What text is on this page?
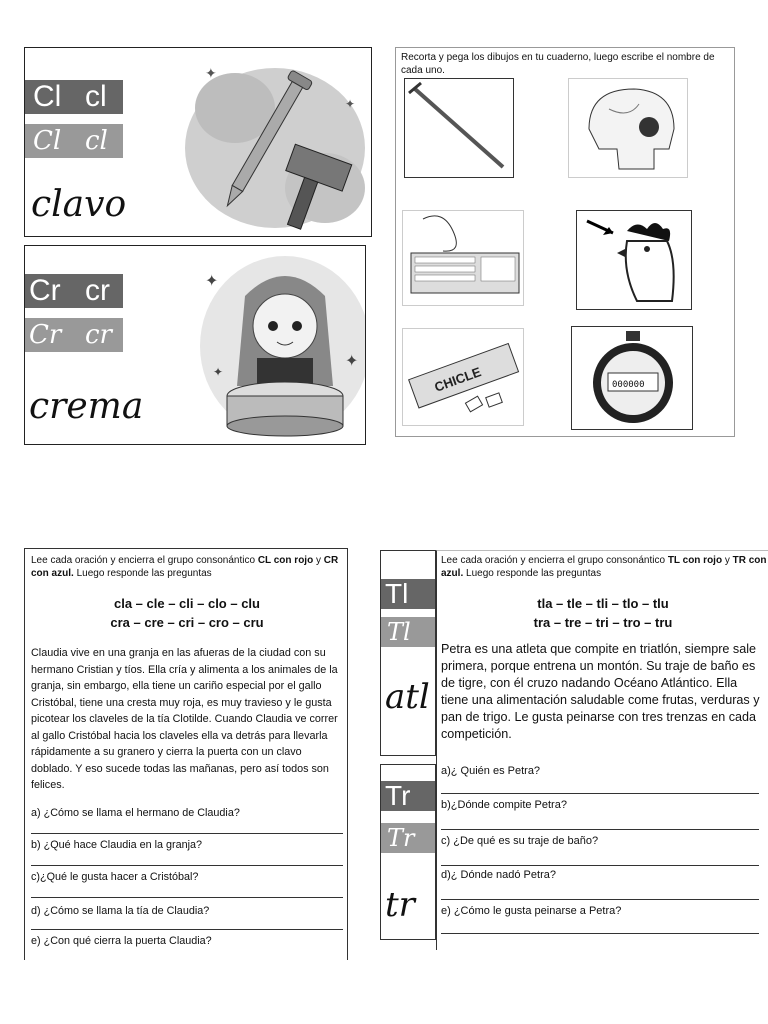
Cl cl
Cl cl
clavo
✦
✦
Cr cr
Cr cr
crema
✦
✦
✦
Recorta y pega los dibujos en tu cuaderno, luego escribe el nombre de cada uno.
CHICLE	000000
Lee cada oración y encierra el grupo consonántico CL con rojo y CR con azul. Luego responde las preguntas
cla – cle – cli – clo – clu
cra – cre – cri – cro – cru
Claudia vive en una granja en las afueras de la ciudad con su hermano Cristian y tíos. Ella cría y alimenta a los animales de la granja, sin embargo, ella tiene un cariño especial por el gallo Cristóbal, tiene una cresta muy roja, es muy travieso y le gusta picotear los claveles de la tía Clotilde. Cuando Claudia ve correr al gallo Cristóbal hacia los claveles ella va detrás para llevarla rápidamente a su granero y cierra la puerta con un clavo doblado. Y eso sucede todas las mañanas, pero así todos son felices.
a) ¿Cómo se llama el hermano de Claudia?
b) ¿Qué hace Claudia en la granja?
c)¿Qué le gusta hacer a Cristóbal?
d) ¿Cómo se llama la tía de Claudia?
e) ¿Con qué cierra la puerta Claudia?
Tl
Tl
atl
Tr
Tr
tr
Lee cada oración y encierra el grupo consonántico TL con rojo y TR con azul. Luego responde las preguntas
tla – tle – tli – tlo – tlu
tra – tre – tri – tro – tru
Petra es una atleta que compite en triatlón, siempre sale primera, porque entrena un montón. Su traje de baño es de tigre, con él cruzo nadando Océano Atlántico. Ella tiene una alimentación saludable come frutas, verduras y pan de trigo. Le gusta peinarse con tres trenzas en cada competición.
a)¿ Quién es Petra?
b)¿Dónde compite Petra?
c) ¿De qué es su traje de baño?
d)¿ Dónde nadó Petra?
e) ¿Cómo le gusta peinarse a Petra?
